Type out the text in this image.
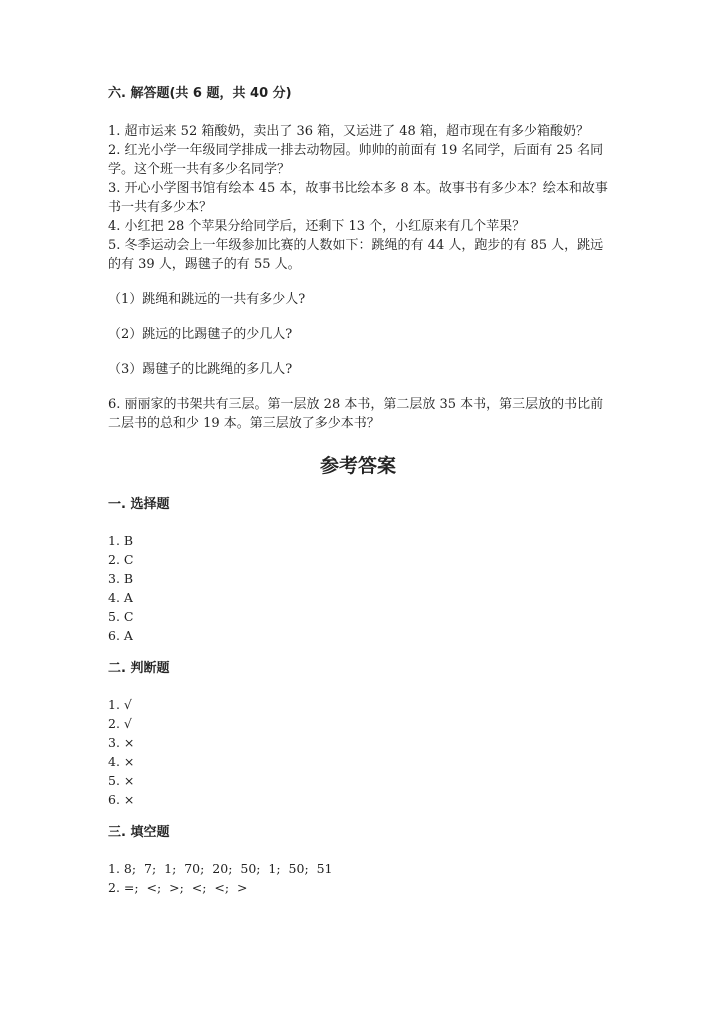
六. 解答题(共 6 题，共 40 分)

1. 超市运来 52 箱酸奶，卖出了 36 箱，又运进了 48 箱，超市现在有多少箱酸奶？

2. 红光小学一年级同学排成一排去动物园。帅帅的前面有 19 名同学，后面有 25 名同学。这个班一共有多少名同学？

3. 开心小学图书馆有绘本 45 本，故事书比绘本多 8 本。故事书有多少本？绘本和故事书一共有多少本？

4. 小红把 28 个苹果分给同学后，还剩下 13 个，小红原来有几个苹果？

5. 冬季运动会上一年级参加比赛的人数如下：跳绳的有 44 人，跑步的有 85 人，跳远的有 39 人，踢毽子的有 55 人。

（1）跳绳和跳远的一共有多少人?

（2）跳远的比踢毽子的少几人?

（3）踢毽子的比跳绳的多几人?

6. 丽丽家的书架共有三层。第一层放 28 本书，第二层放 35 本书，第三层放的书比前二层书的总和少 19 本。第三层放了多少本书？

参考答案

一. 选择题

1. B

2. C

3. B

4. A

5. C

6. A

二. 判断题

1. √

2. √

3. ×

4. ×

5. ×

6. ×

三. 填空题

1. 8;  7;  1;  70;  20;  50;  1;  50;  51

2. =;  <;  >;  <;  <;  >
